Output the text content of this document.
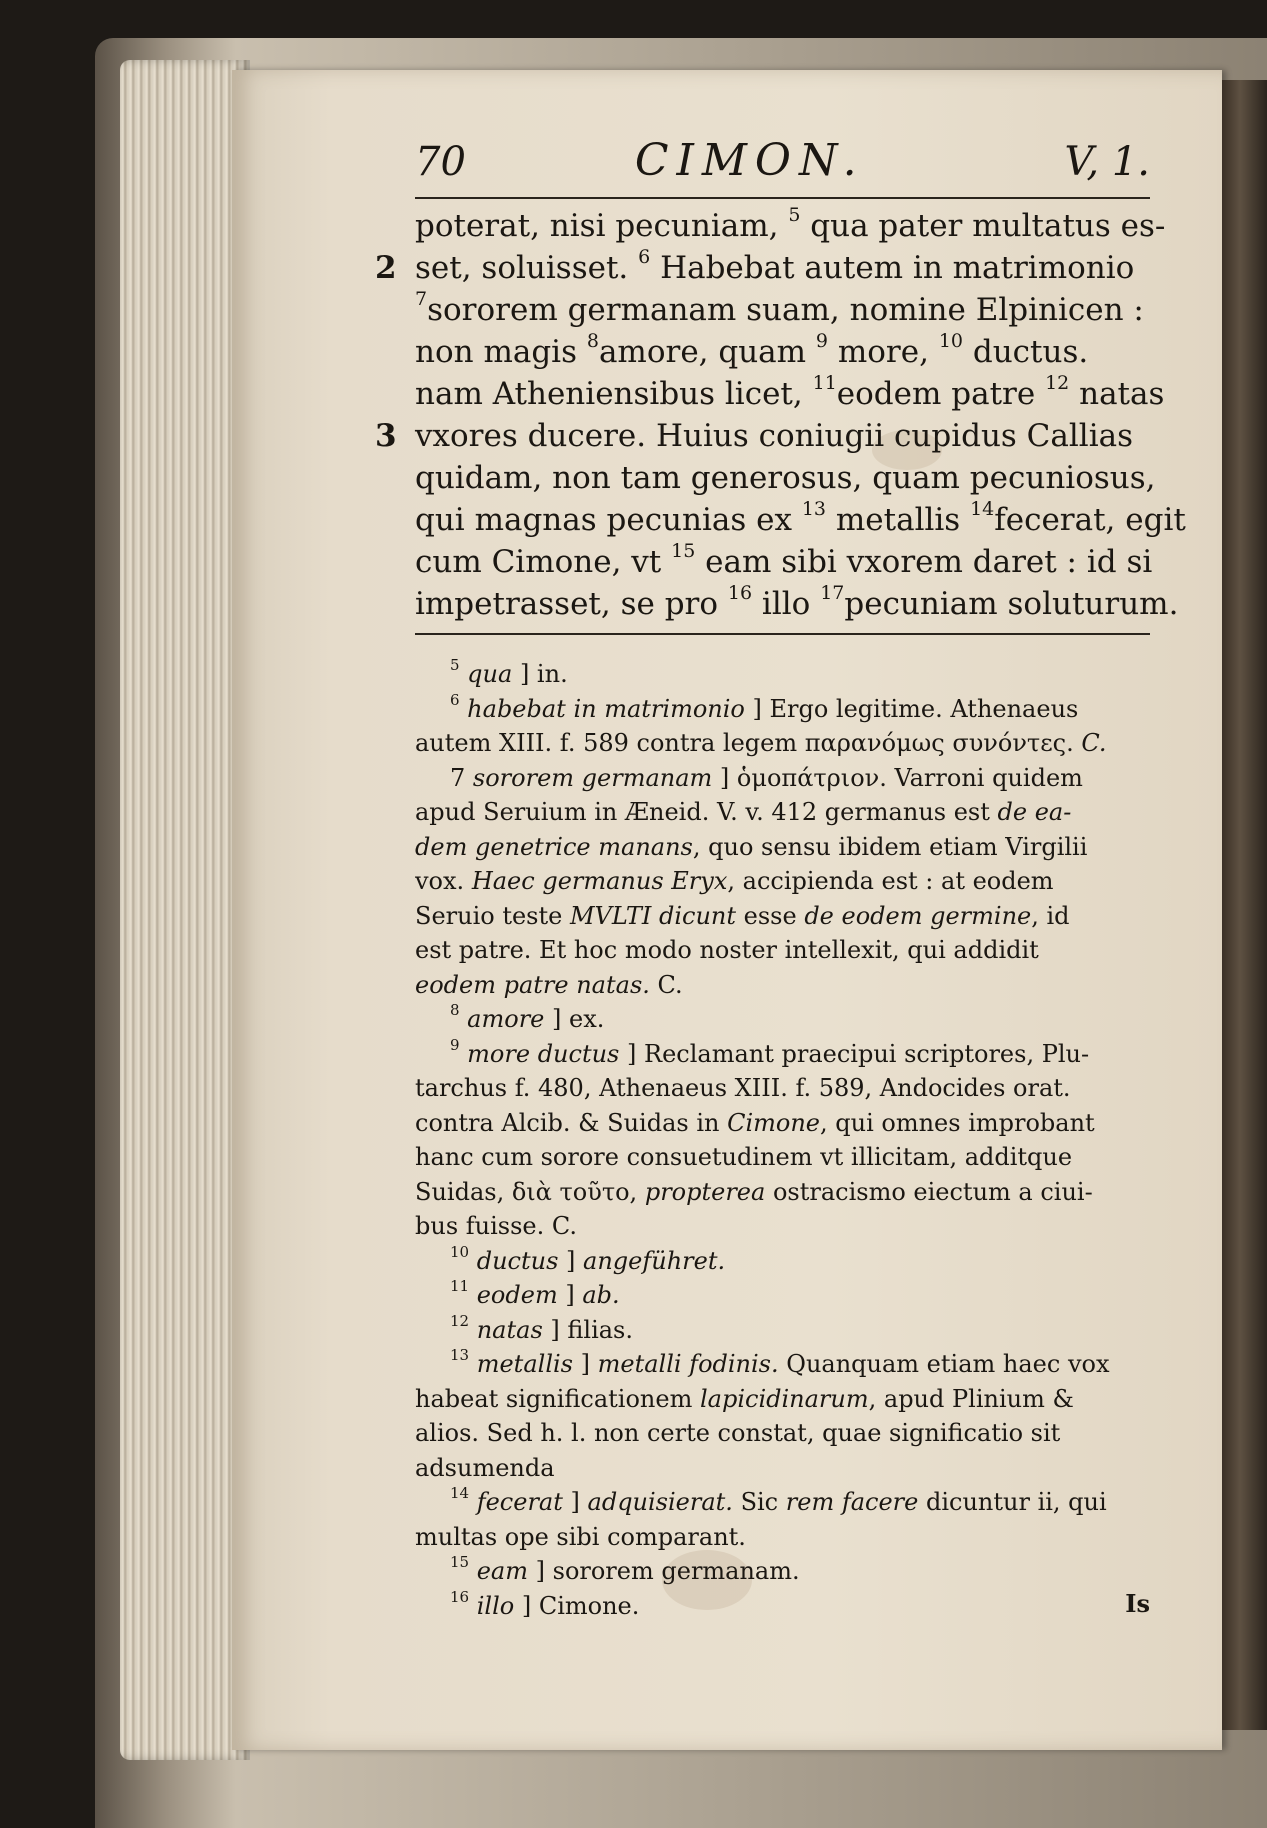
70	CIMON.	V, 1.
poterat, nisi pecuniam, $^5$ qua pater multatus es-
2 set, soluisset. $^6$ Habebat autem in matrimonio
$^7$sororem germanam suam, nomine Elpinicen :
non magis $^8$amore, quam $^9$ more, $^{10}$ ductus.
nam Atheniensibus licet, $^{11}$eodem patre $^{12}$ natas
3 vxores ducere. Huius coniugii cupidus Callias
quidam, non tam generosus, quam pecuniosus,
qui magnas pecunias ex $^{13}$ metallis $^{14}$fecerat, egit
cum Cimone, vt $^{15}$ eam sibi vxorem daret : id si
impetrasset, se pro $^{16}$ illo $^{17}$pecuniam soluturum.
$^5$ qua ] in.
$^6$ habebat in matrimonio ] Ergo legitime. Athenaeus
autem XIII. f. 589 contra legem παρανόμως συνόντες. C.
7 sororem germanam ] ὁμοπάτριον. Varroni quidem
apud Seruium in Æneid. V. v. 412 germanus est de ea-
dem genetrice manans, quo sensu ibidem etiam Virgilii
vox. Haec germanus Eryx, accipienda est : at eodem
Seruio teste MVLTI dicunt esse de eodem germine, id
est patre. Et hoc modo noster intellexit, qui addidit
eodem patre natas. C.
$^8$ amore ] ex.
$^9$ more ductus ] Reclamant praecipui scriptores, Plu-
tarchus f. 480, Athenaeus XIII. f. 589, Andocides orat.
contra Alcib. & Suidas in Cimone, qui omnes improbant
hanc cum sorore consuetudinem vt illicitam, additque
Suidas, διὰ τοῦτο, propterea ostracismo eiectum a ciui-
bus fuisse. C.
$^{10}$ ductus ] angeführet.
$^{11}$ eodem ] ab.
$^{12}$ natas ] filias.
$^{13}$ metallis ] metalli fodinis. Quanquam etiam haec vox
habeat significationem lapicidinarum, apud Plinium &
alios. Sed h. l. non certe constat, quae significatio sit
adsumenda
$^{14}$ fecerat ] adquisierat. Sic rem facere dicuntur ii, qui
multas ope sibi comparant.
$^{15}$ eam ] sororem germanam.
$^{16}$ illo ] Cimone.	Is
